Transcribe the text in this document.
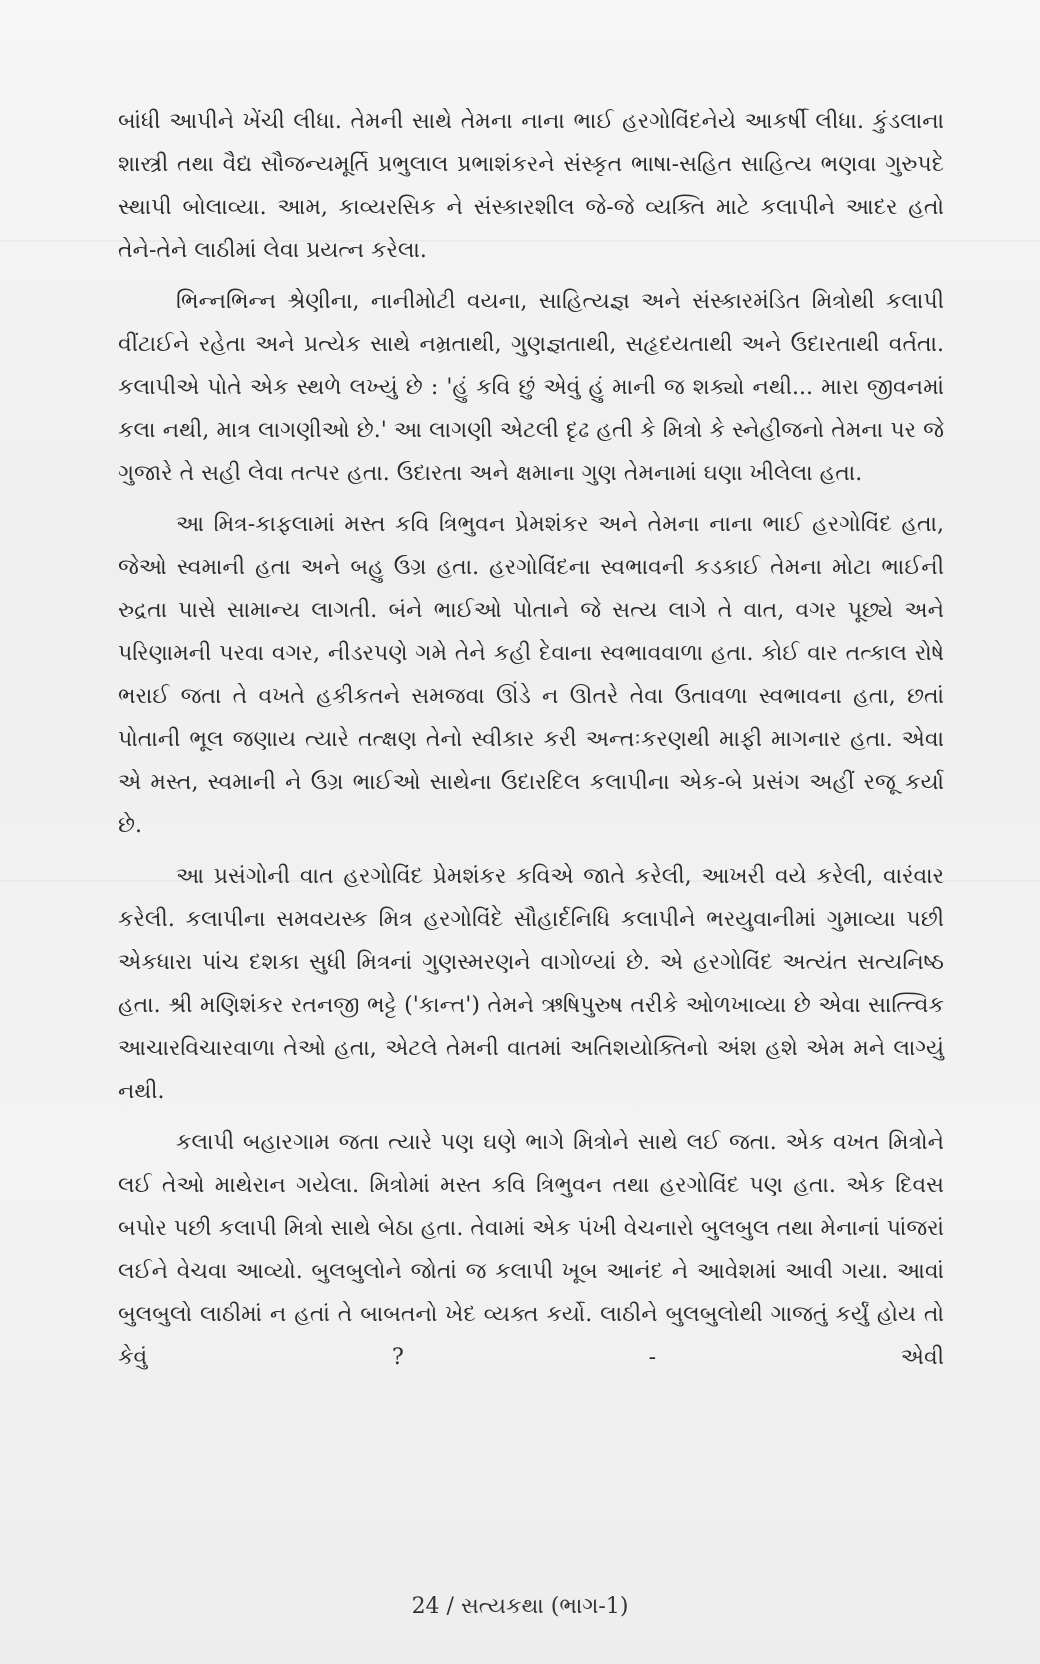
બાંધી આપીને ખેંચી લીધા. તેમની સાથે તેમના નાના ભાઈ હરગોવિંદનેયે આકર્ષી લીધા. કુંડલાના શાસ્ત્રી તથા વૈદ્ય સૌજન્યમૂર્તિ પ્રભુલાલ પ્રભાશંકરને સંસ્કૃત ભાષા-સહિત સાહિત્ય ભણવા ગુરુપદે સ્થાપી બોલાવ્યા. આમ, કાવ્યરસિક ને સંસ્કારશીલ જે-જે વ્યક્તિ માટે કલાપીને આદર હતો તેને-તેને લાઠીમાં લેવા પ્રયત્ન કરેલા.

ભિન્નભિન્ન શ્રેણીના, નાનીમોટી વયના, સાહિત્યજ્ઞ અને સંસ્કારમંડિત મિત્રોથી કલાપી વીંટાઈને રહેતા અને પ્રત્યેક સાથે નમ્રતાથી, ગુણજ્ઞતાથી, સહૃદયતાથી અને ઉદારતાથી વર્તતા. કલાપીએ પોતે એક સ્થળે લખ્યું છે : 'હું કવિ છું એવું હું માની જ શક્યો નથી... મારા જીવનમાં કલા નથી, માત્ર લાગણીઓ છે.' આ લાગણી એટલી દૃઢ હતી કે મિત્રો કે સ્નેહીજનો તેમના પર જે ગુજારે તે સહી લેવા તત્પર હતા. ઉદારતા અને ક્ષમાના ગુણ તેમનામાં ઘણા ખીલેલા હતા.

આ મિત્ર-કાફલામાં મસ્ત કવિ ત્રિભુવન પ્રેમશંકર અને તેમના નાના ભાઈ હરગોવિંદ હતા, જેઓ સ્વમાની હતા અને બહુ ઉગ્ર હતા. હરગોવિંદના સ્વભાવની કડકાઈ તેમના મોટા ભાઈની રુદ્રતા પાસે સામાન્ય લાગતી. બંને ભાઈઓ પોતાને જે સત્ય લાગે તે વાત, વગર પૂછ્યે અને પરિણામની પરવા વગર, નીડરપણે ગમે તેને કહી દેવાના સ્વભાવવાળા હતા. કોઈ વાર તત્કાલ રોષે ભરાઈ જતા તે વખતે હકીકતને સમજવા ઊંડે ન ઊતરે તેવા ઉતાવળા સ્વભાવના હતા, છતાં પોતાની ભૂલ જણાય ત્યારે તત્ક્ષણ તેનો સ્વીકાર કરી અન્તઃકરણથી માફી માગનાર હતા. એવા એ મસ્ત, સ્વમાની ને ઉગ્ર ભાઈઓ સાથેના ઉદારદિલ કલાપીના એક-બે પ્રસંગ અહીં રજૂ કર્યા છે.

આ પ્રસંગોની વાત હરગોવિંદ પ્રેમશંકર કવિએ જાતે કરેલી, આખરી વયે કરેલી, વારંવાર કરેલી. કલાપીના સમવયસ્ક મિત્ર હરગોવિંદે સૌહાર્દનિધિ કલાપીને ભરયુવાનીમાં ગુમાવ્યા પછી એકધારા પાંચ દશકા સુધી મિત્રનાં ગુણસ્મરણને વાગોળ્યાં છે. એ હરગોવિંદ અત્યંત સત્યનિષ્ઠ હતા. શ્રી મણિશંકર રતનજી ભટ્ટે ('કાન્ત') તેમને ઋષિપુરુષ તરીકે ઓળખાવ્યા છે એવા સાત્ત્વિક આચારવિચારવાળા તેઓ હતા, એટલે તેમની વાતમાં અતિશયોક્તિનો અંશ હશે એમ મને લાગ્યું નથી.

કલાપી બહારગામ જતા ત્યારે પણ ઘણે ભાગે મિત્રોને સાથે લઈ જતા. એક વખત મિત્રોને લઈ તેઓ માથેરાન ગયેલા. મિત્રોમાં મસ્ત કવિ ત્રિભુવન તથા હરગોવિંદ પણ હતા. એક દિવસ બપોર પછી કલાપી મિત્રો સાથે બેઠા હતા. તેવામાં એક પંખી વેચનારો બુલબુલ તથા મેનાનાં પાંજરાં લઈને વેચવા આવ્યો. બુલબુલોને જોતાં જ કલાપી ખૂબ આનંદ ને આવેશમાં આવી ગયા. આવાં બુલબુલો લાઠીમાં ન હતાં તે બાબતનો ખેદ વ્યક્ત કર્યો. લાઠીને બુલબુલોથી ગાજતું કર્યું હોય તો કેવું ? - એવી

24 / સત્યકથા (ભાગ-1)
